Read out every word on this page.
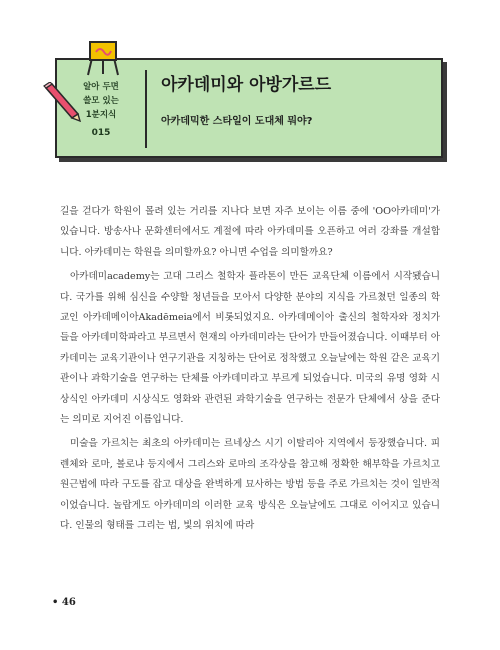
알아 두면
쓸모 있는
1분지식
015
아카데미와 아방가르드
아카데믹한 스타일이 도대체 뭐야?

길을 걷다가 학원이 몰려 있는 거리를 지나다 보면 자주 보이는 이름 중에 'OO아카데미'가 있습니다. 방송사나 문화센터에서도 계절에 따라 아카데미를 오픈하고 여러 강좌를 개설합니다. 아카데미는 학원을 의미할까요? 아니면 수업을 의미할까요?

아카데미academy는 고대 그리스 철학자 플라톤이 만든 교육단체 이름에서 시작됐습니다. 국가를 위해 심신을 수양할 청년들을 모아서 다양한 분야의 지식을 가르쳤던 일종의 학교인 아카데메이아Akadēmeia에서 비롯되었지요. 아카데메이아 출신의 철학자와 정치가들을 아카데미학파라고 부르면서 현재의 아카데미라는 단어가 만들어졌습니다. 이때부터 아카데미는 교육기관이나 연구기관을 지칭하는 단어로 정착했고 오늘날에는 학원 같은 교육기관이나 과학기술을 연구하는 단체를 아카데미라고 부르게 되었습니다. 미국의 유명 영화 시상식인 아카데미 시상식도 영화와 관련된 과학기술을 연구하는 전문가 단체에서 상을 준다는 의미로 지어진 이름입니다.

미술을 가르치는 최초의 아카데미는 르네상스 시기 이탈리아 지역에서 등장했습니다. 피렌체와 로마, 볼로냐 등지에서 그리스와 로마의 조각상을 참고해 정확한 해부학을 가르치고 원근법에 따라 구도를 잡고 대상을 완벽하게 묘사하는 방법 등을 주로 가르치는 것이 일반적이었습니다. 놀랍게도 아카데미의 이러한 교육 방식은 오늘날에도 그대로 이어지고 있습니다. 인물의 형태를 그리는 법, 빛의 위치에 따라

• 46
